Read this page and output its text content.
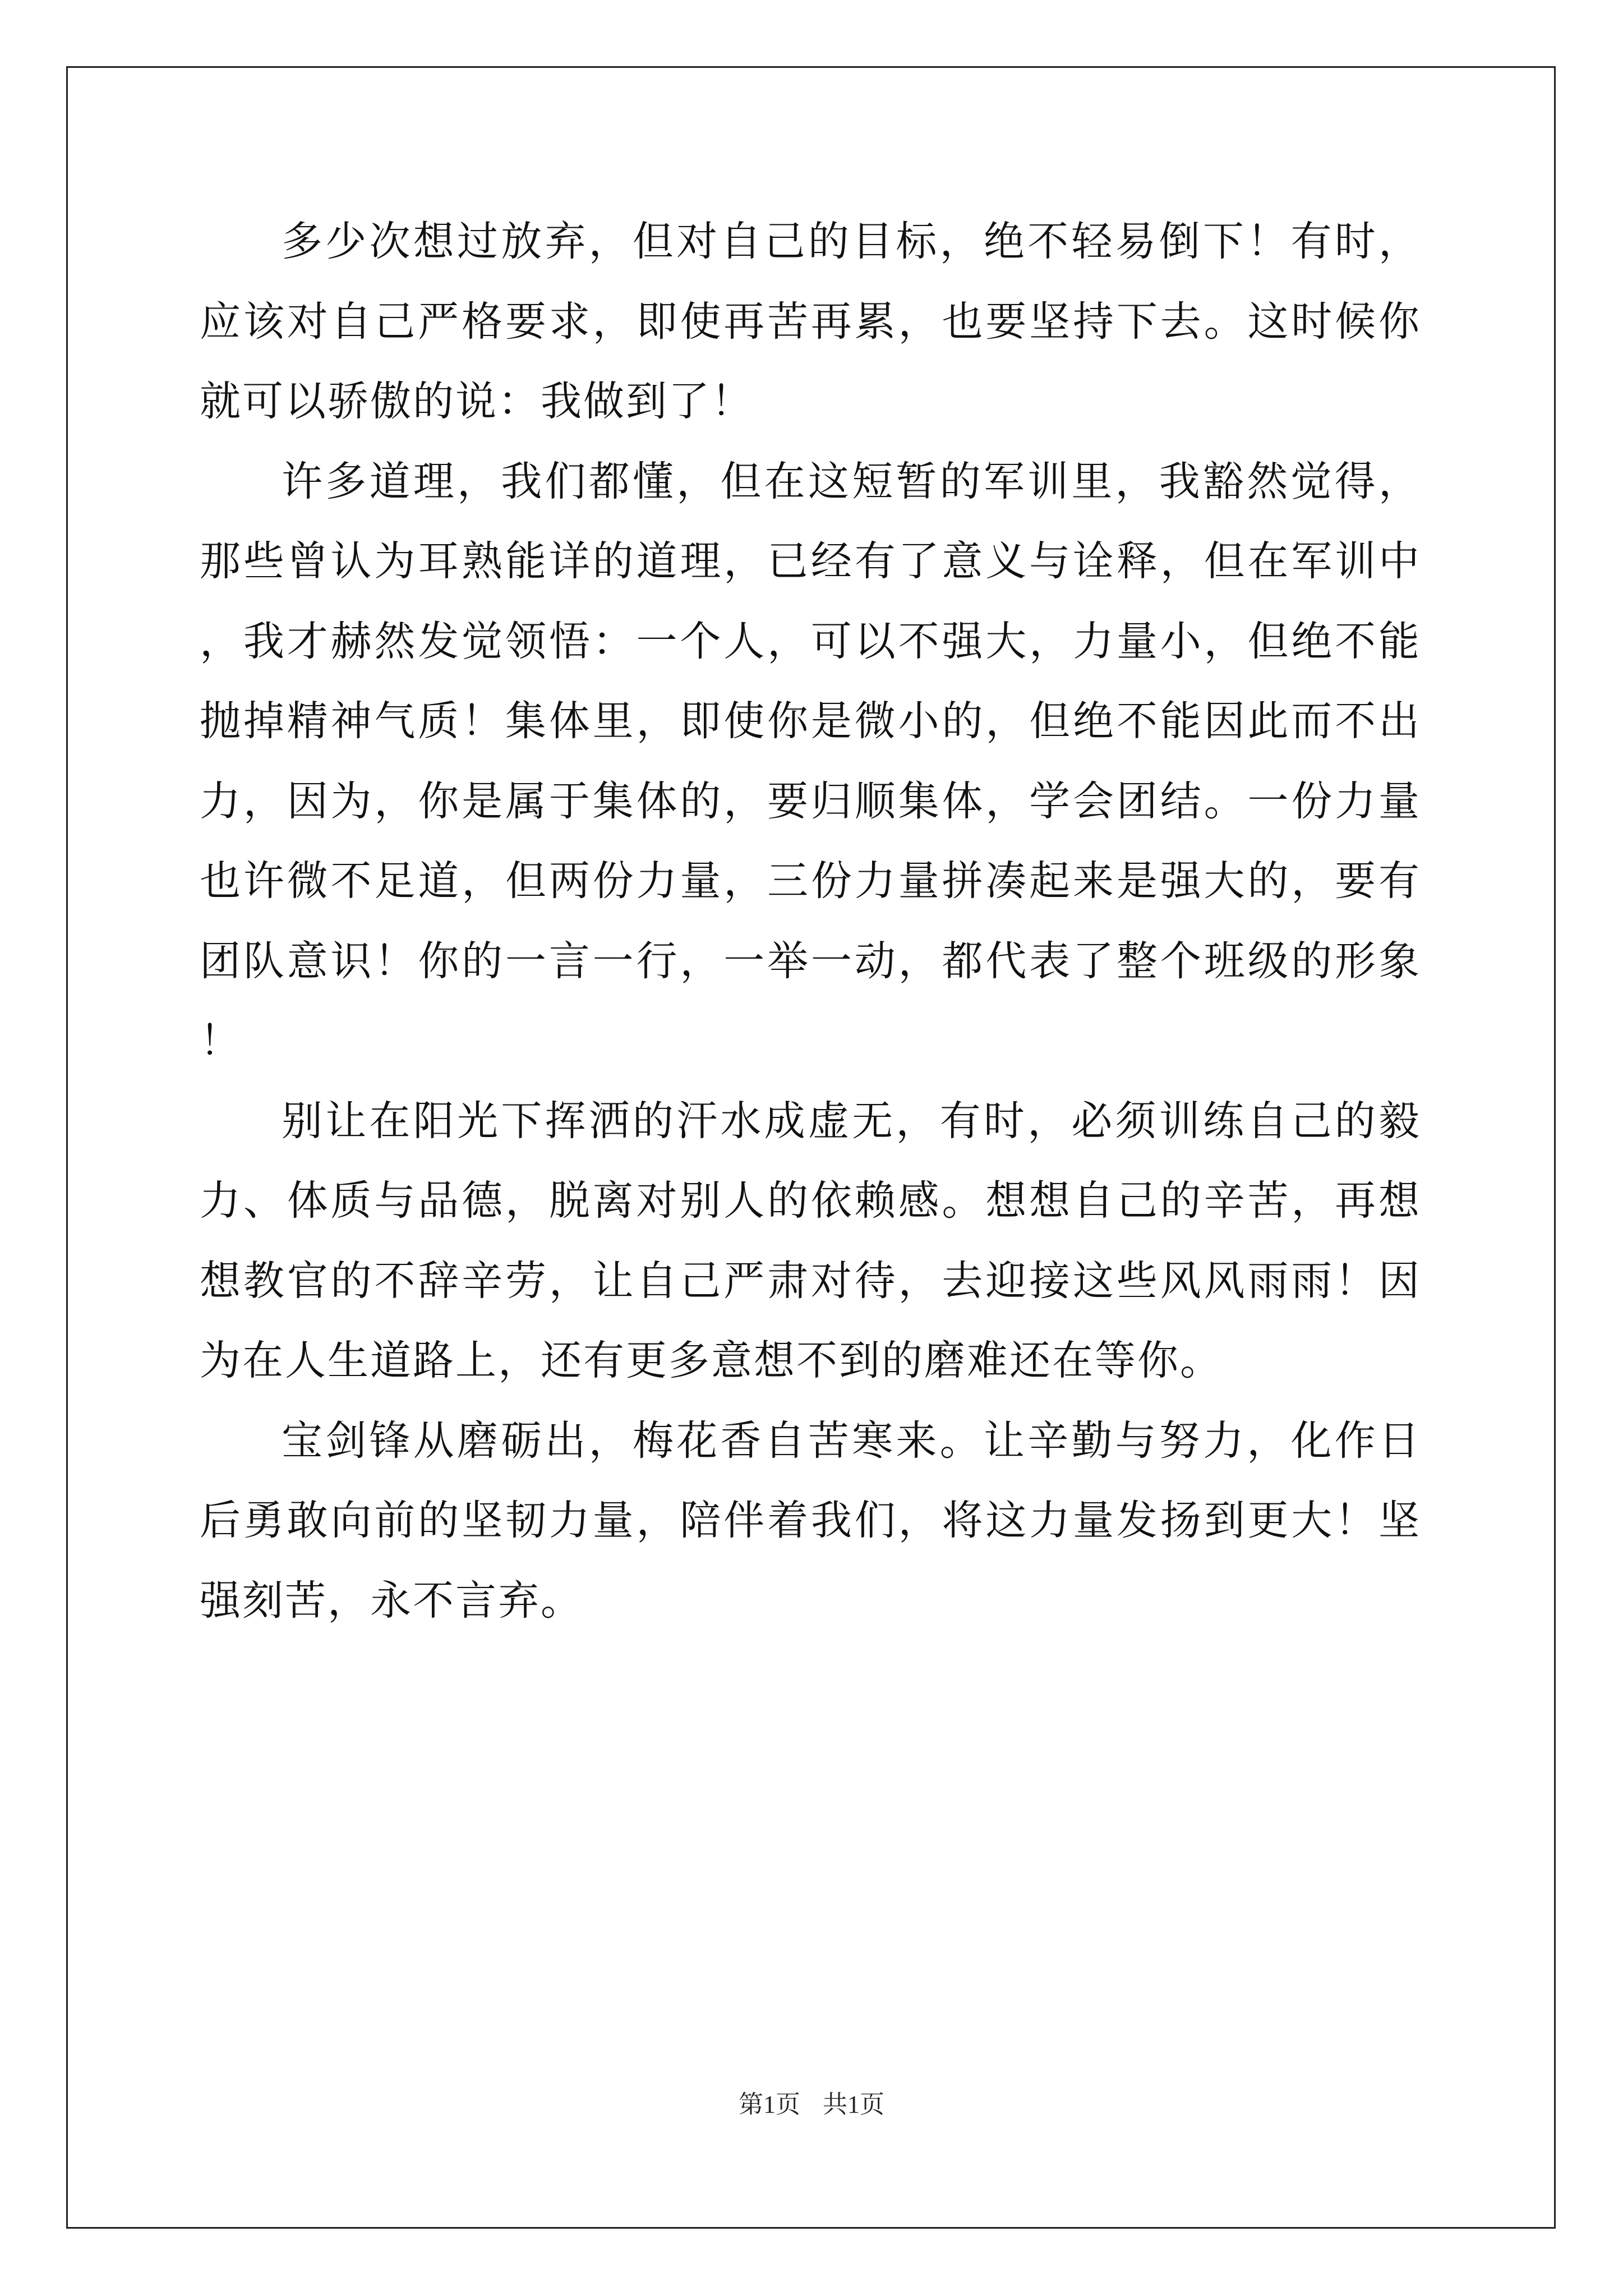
多少次想过放弃，但对自己的目标，绝不轻易倒下！有时，应该对自己严格要求，即使再苦再累，也要坚持下去。这时候你就可以骄傲的说：我做到了！

许多道理，我们都懂，但在这短暂的军训里，我豁然觉得，那些曾认为耳熟能详的道理，已经有了意义与诠释，但在军训中，我才赫然发觉领悟：一个人，可以不强大，力量小，但绝不能抛掉精神气质！集体里，即使你是微小的，但绝不能因此而不出力，因为，你是属于集体的，要归顺集体，学会团结。一份力量也许微不足道，但两份力量，三份力量拼凑起来是强大的，要有团队意识！你的一言一行，一举一动，都代表了整个班级的形象！

别让在阳光下挥洒的汗水成虚无，有时，必须训练自己的毅力、体质与品德，脱离对别人的依赖感。想想自己的辛苦，再想想教官的不辞辛劳，让自己严肃对待，去迎接这些风风雨雨！因为在人生道路上，还有更多意想不到的磨难还在等你。

宝剑锋从磨砺出，梅花香自苦寒来。让辛勤与努力，化作日后勇敢向前的坚韧力量，陪伴着我们，将这力量发扬到更大！坚强刻苦，永不言弃。

第1页 共1页
